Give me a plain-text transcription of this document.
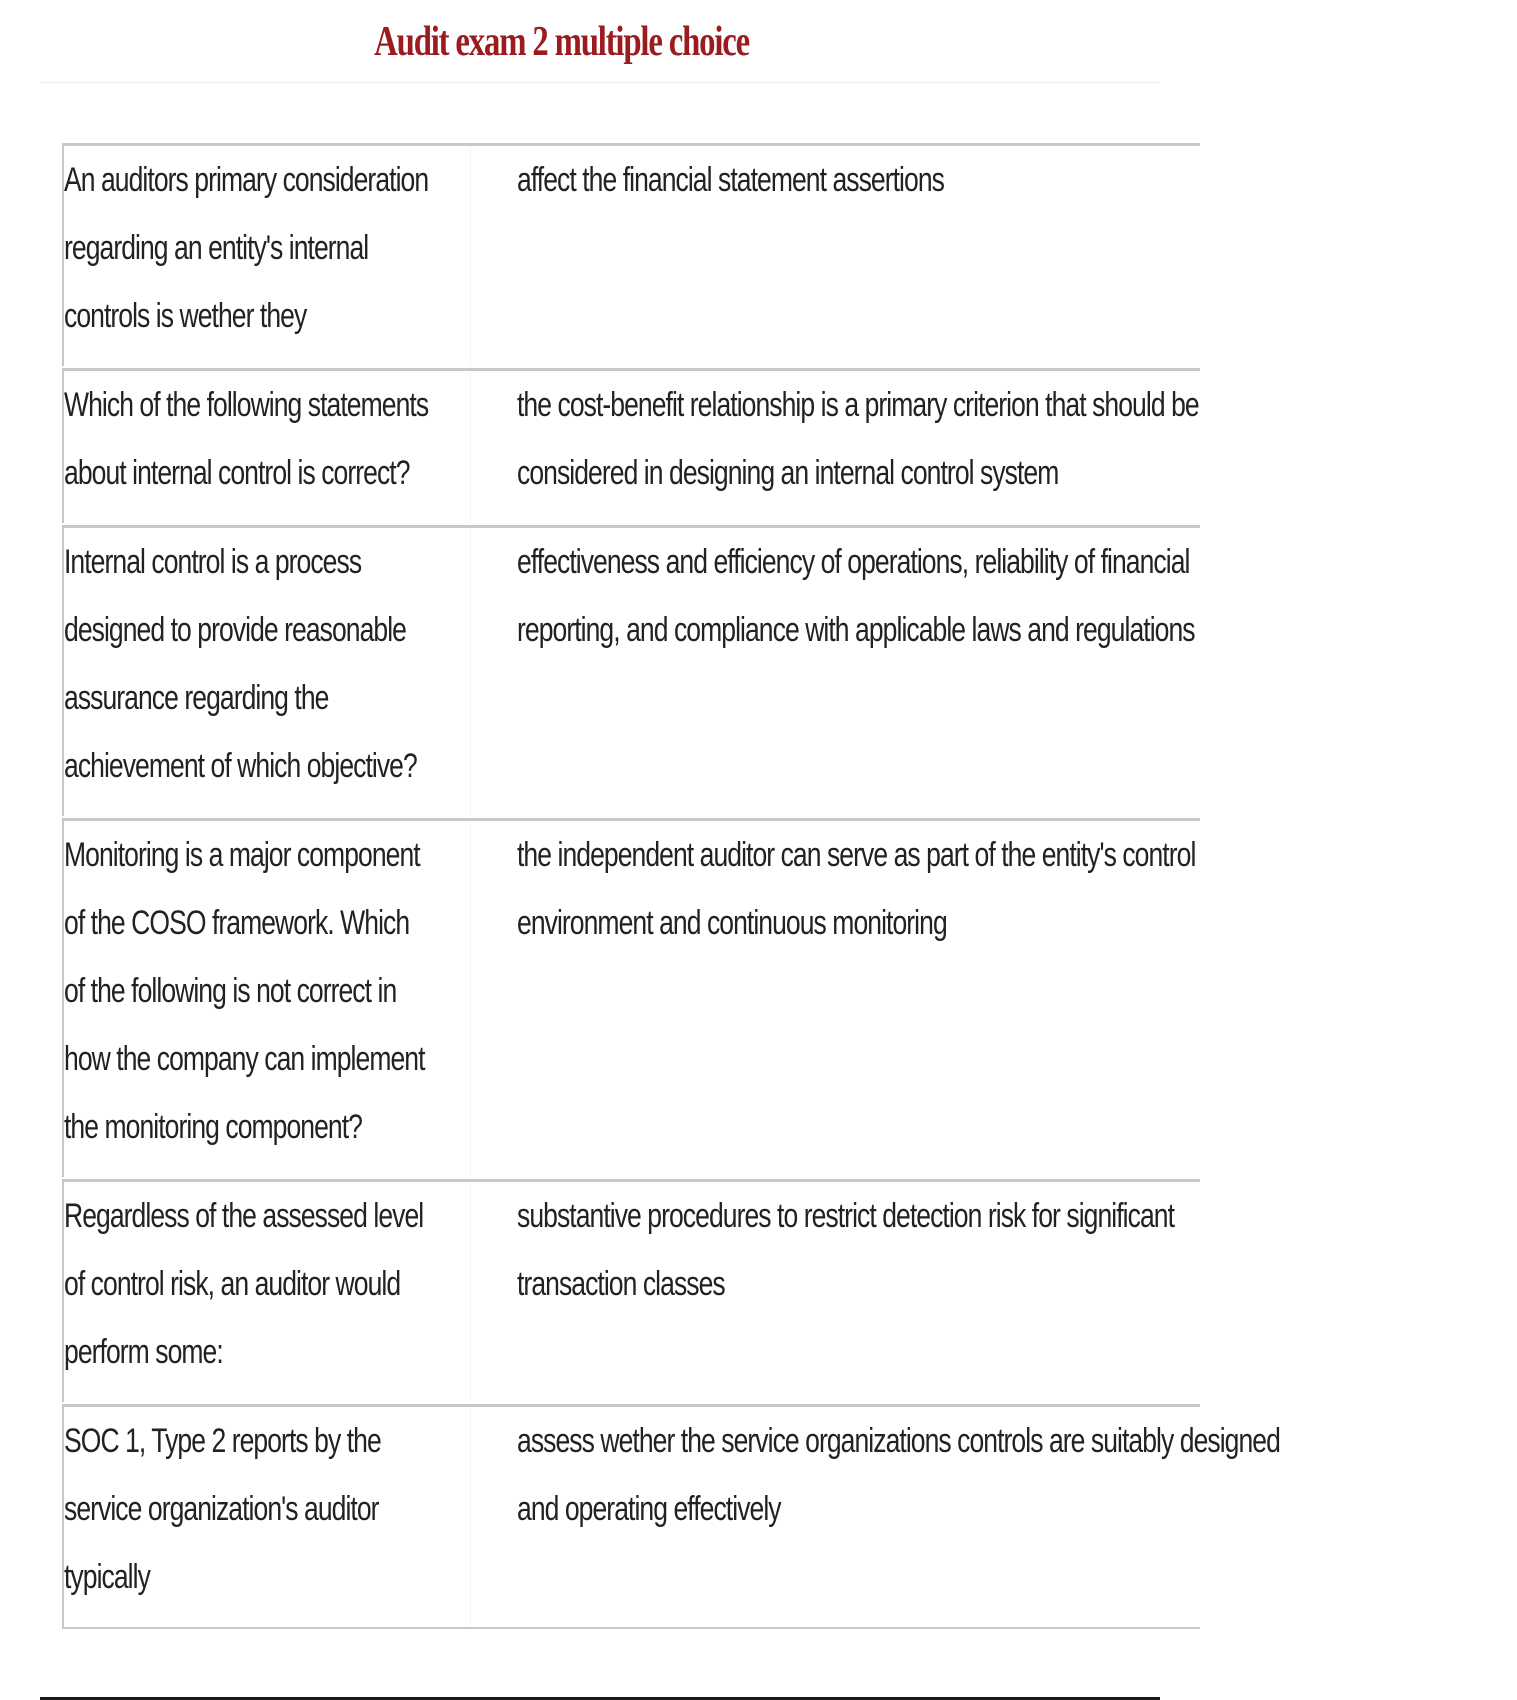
Audit exam 2 multiple choice
An auditors primary consideration regarding an entity's internal controls is wether they
affect the financial statement assertions
Which of the following statements about internal control is correct?
the cost-benefit relationship is a primary criterion that should be considered in designing an internal control system
Internal control is a process designed to provide reasonable assurance regarding the achievement of which objective?
effectiveness and efficiency of operations, reliability of financial reporting, and compliance with applicable laws and regulations
Monitoring is a major component of the COSO framework. Which of the following is not correct in how the company can implement the monitoring component?
the independent auditor can serve as part of the entity's control environment and continuous monitoring
Regardless of the assessed level of control risk, an auditor would perform some:
substantive procedures to restrict detection risk for significant transaction classes
SOC 1, Type 2 reports by the service organization's auditor typically
assess wether the service organizations controls are suitably designed and operating effectively
